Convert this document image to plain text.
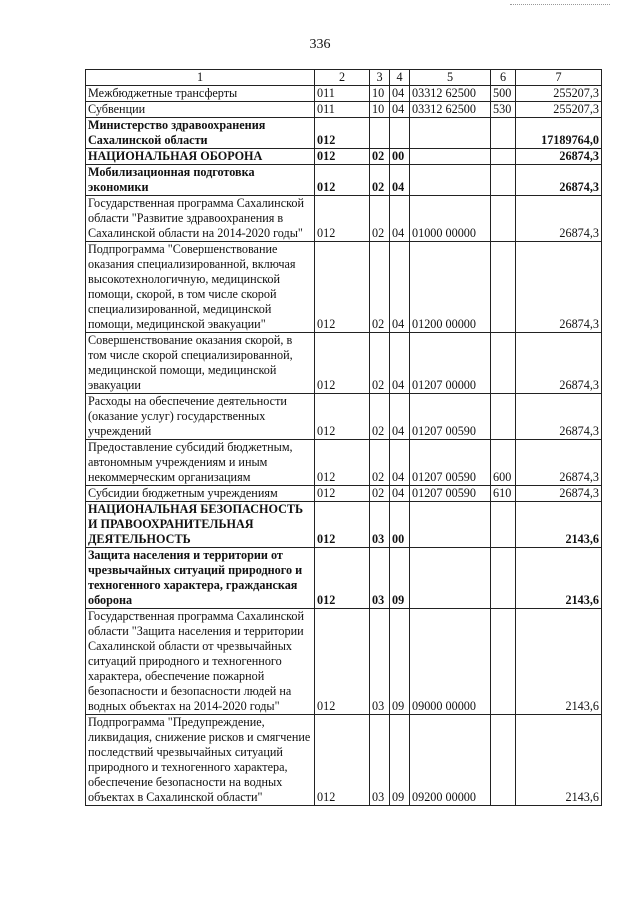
336
1	2	3	4	5	6	7
Межбюджетные трансферты	011	10	04	03312 62500	500	255207,3
Субвенции	011	10	04	03312 62500	530	255207,3
Министерство здравоохранения Сахалинской области	012					17189764,0
НАЦИОНАЛЬНАЯ ОБОРОНА	012	02	00			26874,3
Мобилизационная подготовка экономики	012	02	04			26874,3
Государственная программа Сахалинской области "Развитие здравоохранения в Сахалинской области на 2014-2020 годы"	012	02	04	01000 00000		26874,3
Подпрограмма "Совершенствование оказания специализированной, включая высокотехнологичную, медицинской помощи, скорой, в том числе скорой специализированной, медицинской помощи, медицинской эвакуации"	012	02	04	01200 00000		26874,3
Совершенствование оказания скорой, в том числе скорой специализированной, медицинской помощи, медицинской эвакуации	012	02	04	01207 00000		26874,3
Расходы на обеспечение деятельности (оказание услуг) государственных учреждений	012	02	04	01207 00590		26874,3
Предоставление субсидий бюджетным, автономным учреждениям и иным некоммерческим организациям	012	02	04	01207 00590	600	26874,3
Субсидии бюджетным учреждениям	012	02	04	01207 00590	610	26874,3
НАЦИОНАЛЬНАЯ БЕЗОПАСНОСТЬ И ПРАВООХРАНИТЕЛЬНАЯ ДЕЯТЕЛЬНОСТЬ	012	03	00			2143,6
Защита населения и территории от чрезвычайных ситуаций природного и техногенного характера, гражданская оборона	012	03	09			2143,6
Государственная программа Сахалинской области "Защита населения и территории Сахалинской области от чрезвычайных ситуаций природного и техногенного характера, обеспечение пожарной безопасности и безопасности людей на водных объектах на 2014-2020 годы"	012	03	09	09000 00000		2143,6
Подпрограмма "Предупреждение, ликвидация, снижение рисков и смягчение последствий чрезвычайных ситуаций природного и техногенного характера, обеспечение безопасности на водных объектах в Сахалинской области"	012	03	09	09200 00000		2143,6
